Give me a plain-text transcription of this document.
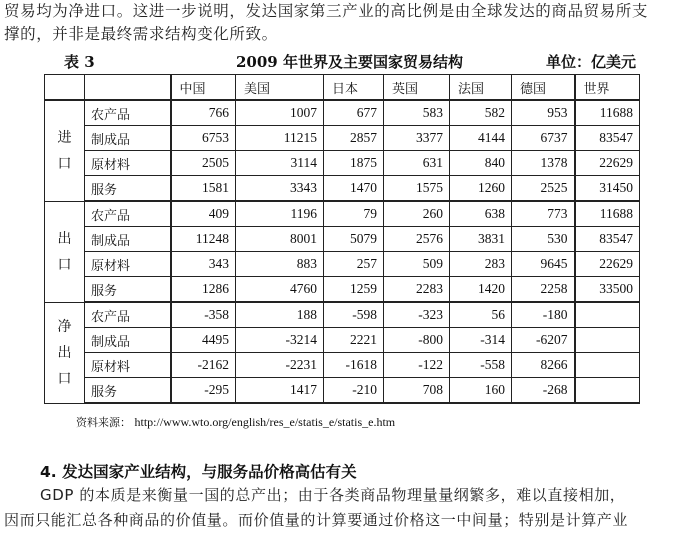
贸易均为净进口。这进一步说明，发达国家第三产业的高比例是由全球发达的商品贸易所支
撑的，并非是最终需求结构变化所致。
表 3	2009 年世界及主要国家贸易结构	单位：亿美元
		中国	美国	日本	英国	法国	德国	世界

进
口	农产品	766	1007	677	583	582	953	11688
	制成品	6753	11215	2857	3377	4144	6737	83547
	原材料	2505	3114	1875	631	840	1378	22629
	服务	1581	3343	1470	1575	1260	2525	31450

出
口	农产品	409	1196	79	260	638	773	11688
	制成品	11248	8001	5079	2576	3831	530	83547
	原材料	343	883	257	509	283	9645	22629
	服务	1286	4760	1259	2283	1420	2258	33500

净
出
口	农产品	-358	188	-598	-323	56	-180	
	制成品	4495	-3214	2221	-800	-314	-6207	
	原材料	-2162	-2231	-1618	-122	-558	8266	
	服务	-295	1417	-210	708	160	-268	
资料来源： http://www.wto.org/english/res_e/statis_e/statis_e.htm
4. 发达国家产业结构，与服务品价格高估有关
GDP 的本质是来衡量一国的总产出；由于各类商品物理量量纲繁多，难以直接相加，
因而只能汇总各种商品的价值量。而价值量的计算要通过价格这一中间量；特别是计算产业
